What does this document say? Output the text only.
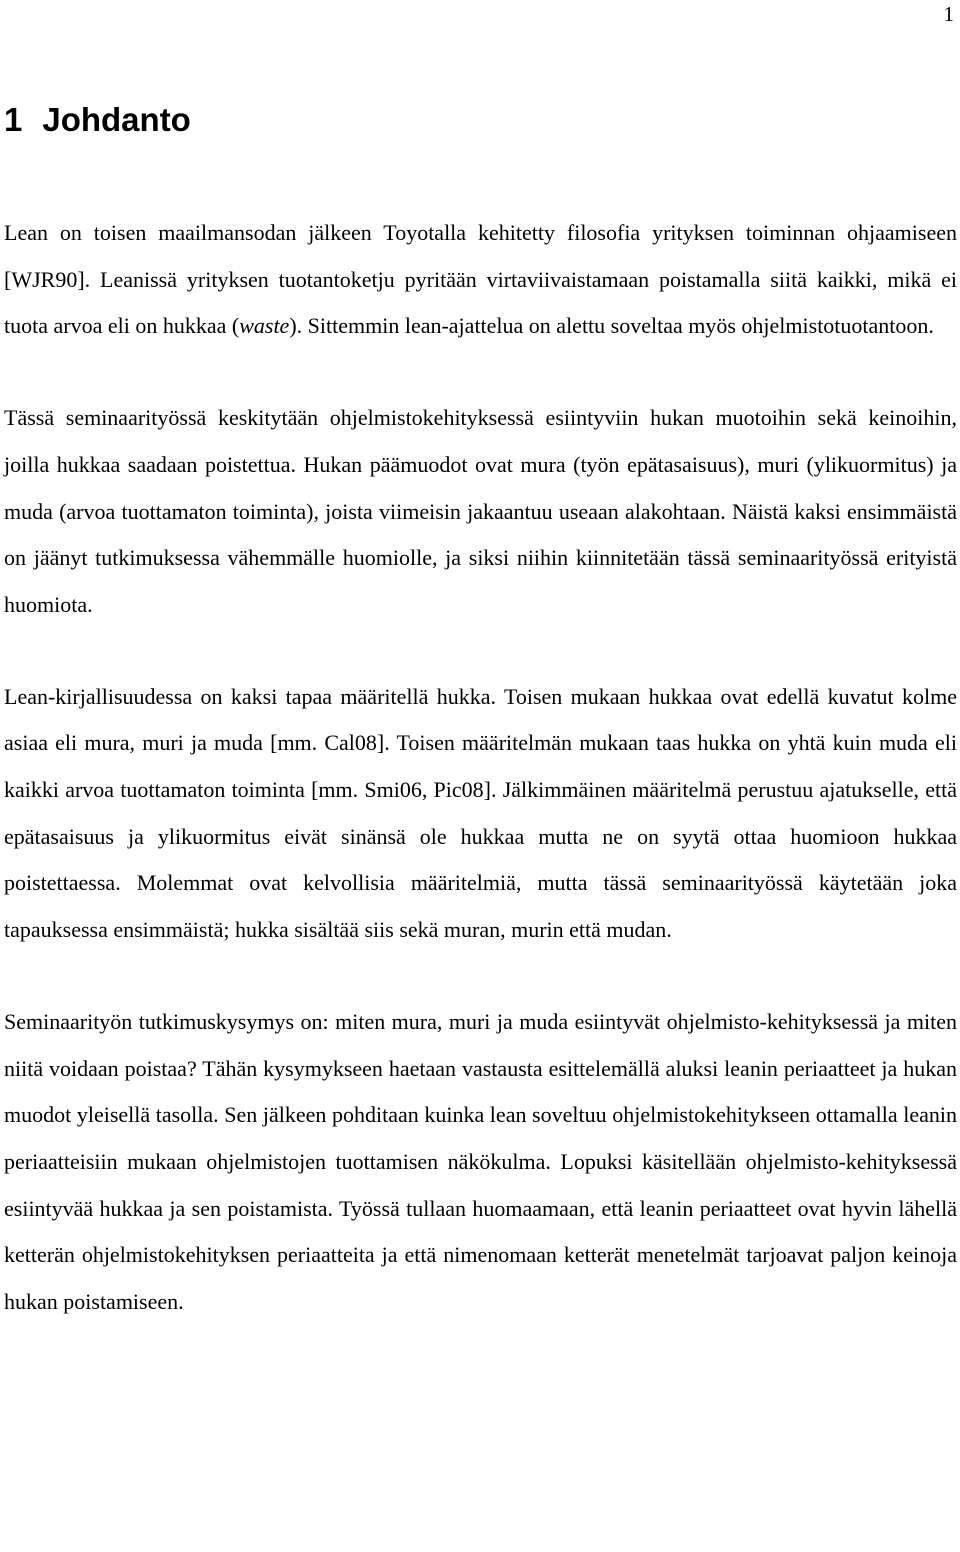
1
1 Johdanto

Lean on toisen maailmansodan jälkeen Toyotalla kehitetty filosofia yrityksen toiminnan ohjaamiseen [WJR90]. Leanissä yrityksen tuotantoketju pyritään virtaviivaistamaan poistamalla siitä kaikki, mikä ei tuota arvoa eli on hukkaa (waste). Sittemmin lean-ajattelua on alettu soveltaa myös ohjelmistotuotantoon.

Tässä seminaarityössä keskitytään ohjelmistokehityksessä esiintyviin hukan muotoihin sekä keinoihin, joilla hukkaa saadaan poistettua. Hukan päämuodot ovat mura (työn epätasaisuus), muri (ylikuormitus) ja muda (arvoa tuottamaton toiminta), joista viimeisin jakaantuu useaan alakohtaan. Näistä kaksi ensimmäistä on jäänyt tutkimuksessa vähemmälle huomiolle, ja siksi niihin kiinnitetään tässä seminaarityössä erityistä huomiota.

Lean-kirjallisuudessa on kaksi tapaa määritellä hukka. Toisen mukaan hukkaa ovat edellä kuvatut kolme asiaa eli mura, muri ja muda [mm. Cal08]. Toisen määritelmän mukaan taas hukka on yhtä kuin muda eli kaikki arvoa tuottamaton toiminta [mm. Smi06, Pic08]. Jälkimmäinen määritelmä perustuu ajatukselle, että epätasaisuus ja ylikuormitus eivät sinänsä ole hukkaa mutta ne on syytä ottaa huomioon hukkaa poistettaessa. Molemmat ovat kelvollisia määritelmiä, mutta tässä seminaarityössä käytetään joka tapauksessa ensimmäistä; hukka sisältää siis sekä muran, murin että mudan.

Seminaarityön tutkimuskysymys on: miten mura, muri ja muda esiintyvät ohjelmisto-kehityksessä ja miten niitä voidaan poistaa? Tähän kysymykseen haetaan vastausta esittelemällä aluksi leanin periaatteet ja hukan muodot yleisellä tasolla. Sen jälkeen pohditaan kuinka lean soveltuu ohjelmistokehitykseen ottamalla leanin periaatteisiin mukaan ohjelmistojen tuottamisen näkökulma. Lopuksi käsitellään ohjelmisto-kehityksessä esiintyvää hukkaa ja sen poistamista. Työssä tullaan huomaamaan, että leanin periaatteet ovat hyvin lähellä ketterän ohjelmistokehityksen periaatteita ja että nimenomaan ketterät menetelmät tarjoavat paljon keinoja hukan poistamiseen.
